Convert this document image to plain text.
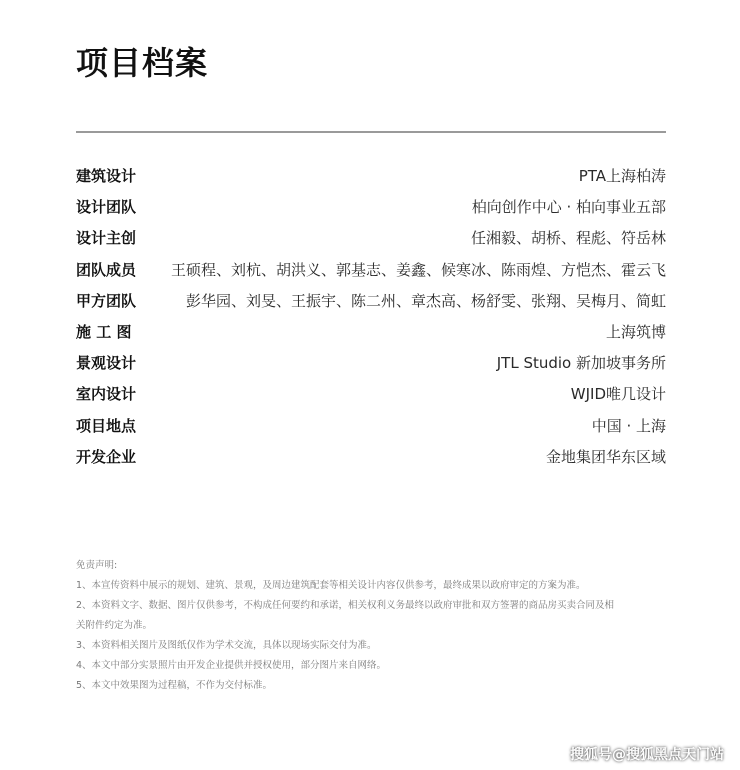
项目档案
建筑设计	PTA上海柏涛
设计团队	柏向创作中心 · 柏向事业五部
设计主创	任湘毅、胡桥、程彪、符岳林
团队成员 王硕程、刘杭、胡洪义、郭基志、姜鑫、候寒冰、陈雨煌、方恺杰、霍云飞
甲方团队	彭华园、刘旻、王振宇、陈二州、章杰高、杨舒雯、张翔、吴梅月、简虹
施 工 图	上海筑博
景观设计	JTL Studio 新加坡事务所
室内设计	WJID唯几设计
项目地点	中国 · 上海
开发企业	金地集团华东区域
免责声明:
1、本宣传资料中展示的规划、建筑、景观，及周边建筑配套等相关设计内容仅供参考，最终成果以政府审定的方案为准。
2、本资料文字、数据、图片仅供参考，不构成任何要约和承诺，相关权利义务最终以政府审批和双方签署的商品房买卖合同及相
关附件约定为准。
3、本资料相关图片及图纸仅作为学术交流，具体以现场实际交付为准。
4、本文中部分实景照片由开发企业提供并授权使用，部分图片来自网络。
5、本文中效果图为过程稿，不作为交付标准。
搜狐号@搜狐黑点天门站
